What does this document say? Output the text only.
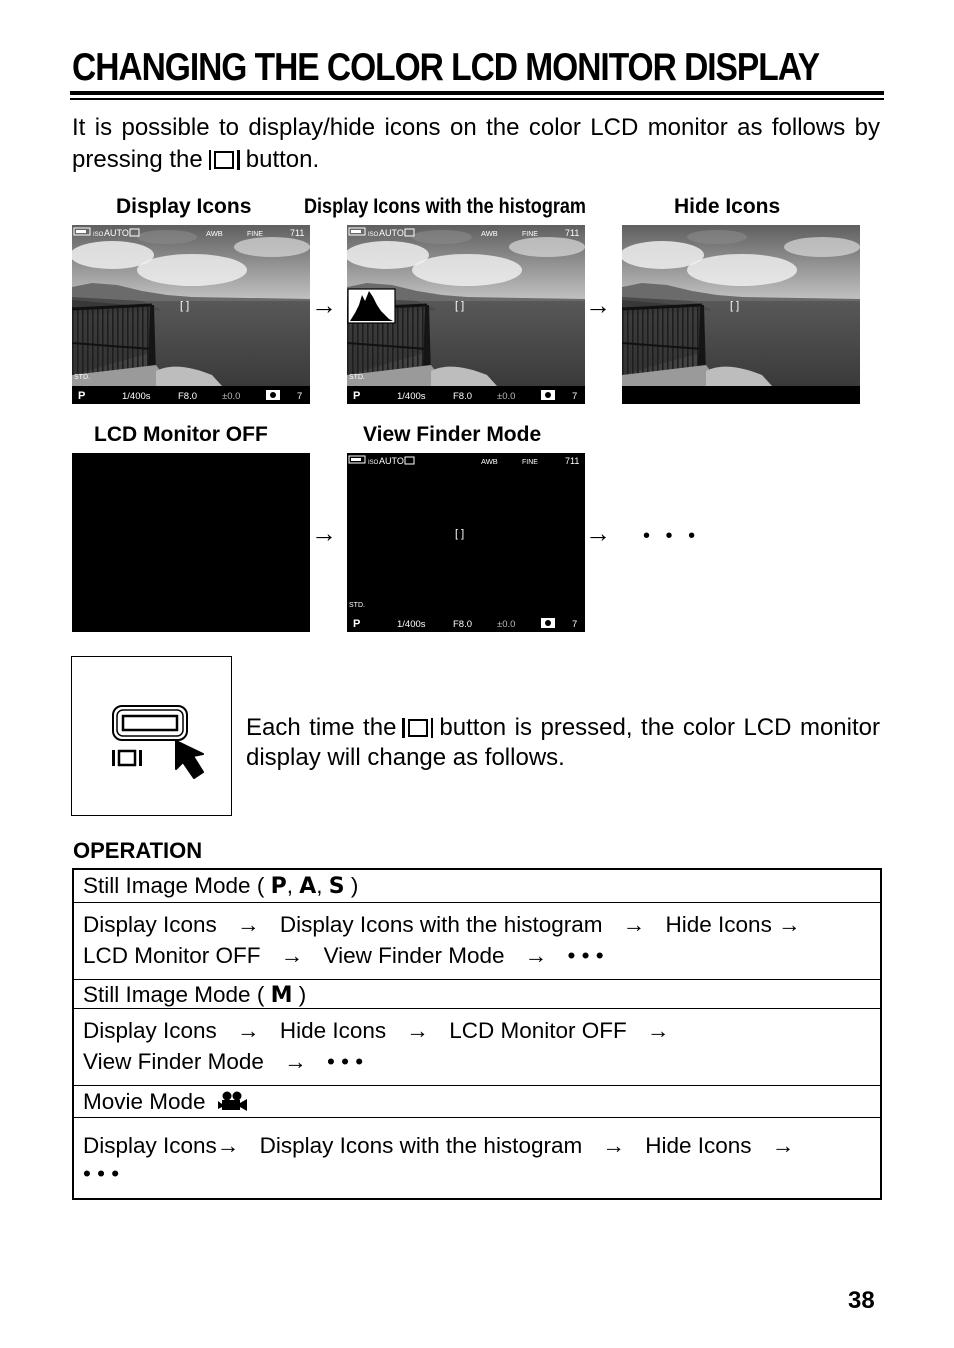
CHANGING THE COLOR LCD MONITOR DISPLAY
It is possible to display/hide icons on the color LCD monitor as follows by pressing the button.
Display Icons	Display Icons with the histogram	Hide Icons
LCD Monitor OFF	View Finder Mode
ISO AUTO	AWB	FINE	711
[ ]
STD.
P	1/400s	F8.0	±0.0	7
ISO AUTO	AWB	FINE	711
[ ]
STD.
P	1/400s	F8.0	±0.0	7
[ ]
ISO AUTO	AWB	FINE	711
[ ]
STD.
P	1/400s	F8.0	±0.0	7
→	→
→	→ • • •
Each time the button is pressed, the color LCD monitor display will change as follows.
OPERATION
Still Image Mode ( P, A, S )
Display Icons → Display Icons with the histogram → Hide Icons →
LCD Monitor OFF → View Finder Mode → • • •
Still Image Mode ( M )
Display Icons → Hide Icons → LCD Monitor OFF →
View Finder Mode → • • •
Movie Mode
Display Icons→ Display Icons with the histogram → Hide Icons →
• • •
38
